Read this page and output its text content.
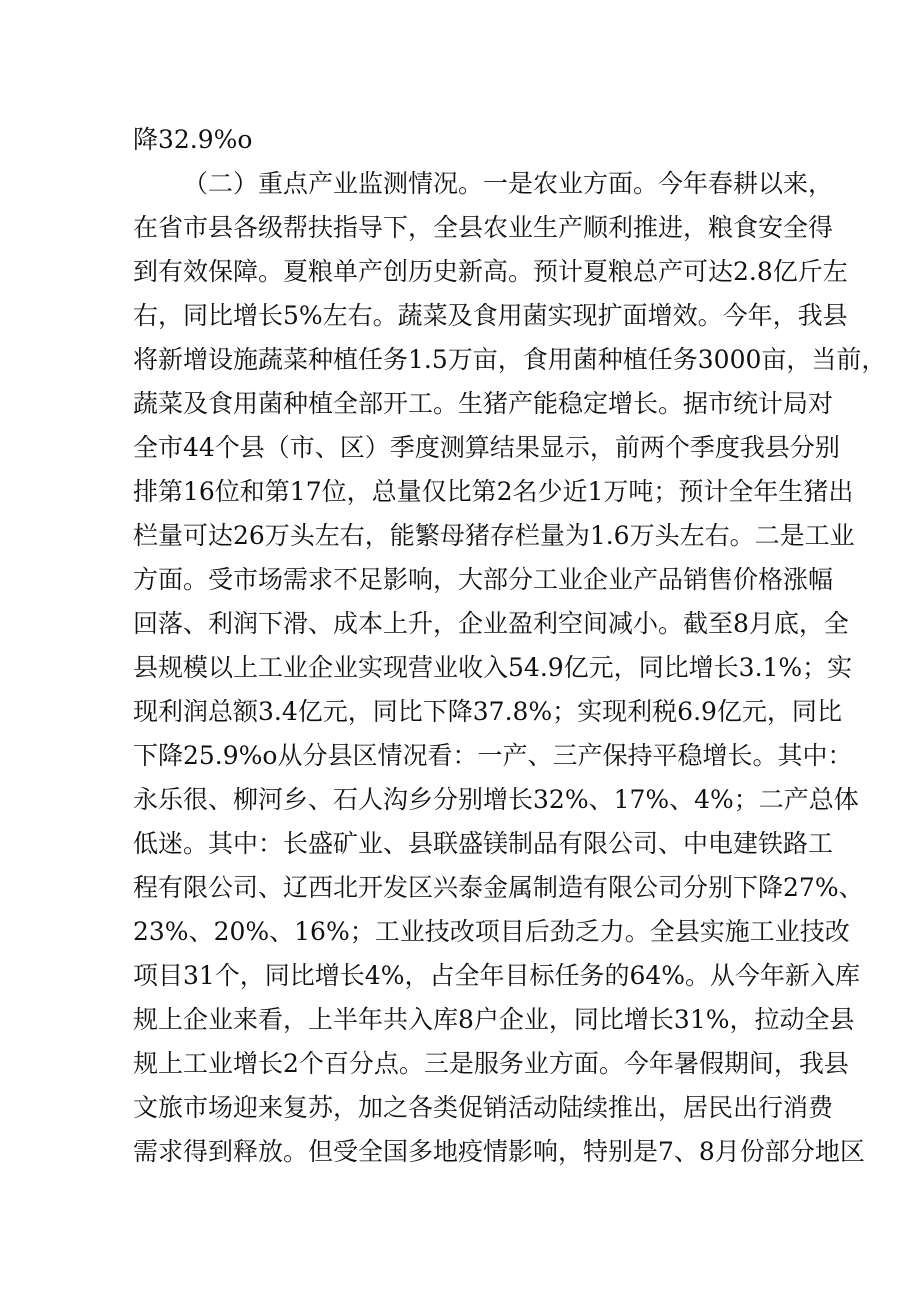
降32.9%o
（二）重点产业监测情况。一是农业方面。今年春耕以来，
在省市县各级帮扶指导下，全县农业生产顺利推进，粮食安全得
到有效保障。夏粮单产创历史新高。预计夏粮总产可达2.8亿斤左
右，同比增长5%左右。蔬菜及食用菌实现扩面增效。今年，我县
将新增设施蔬菜种植任务1.5万亩，食用菌种植任务3000亩，当前，
蔬菜及食用菌种植全部开工。生猪产能稳定增长。据市统计局对
全市44个县（市、区）季度测算结果显示，前两个季度我县分别
排第16位和第17位，总量仅比第2名少近1万吨；预计全年生猪出
栏量可达26万头左右，能繁母猪存栏量为1.6万头左右。二是工业
方面。受市场需求不足影响，大部分工业企业产品销售价格涨幅
回落、利润下滑、成本上升，企业盈利空间减小。截至8月底，全
县规模以上工业企业实现营业收入54.9亿元，同比增长3.1%；实
现利润总额3.4亿元，同比下降37.8%；实现利税6.9亿元，同比
下降25.9%o从分县区情况看：一产、三产保持平稳增长。其中：
永乐很、柳河乡、石人沟乡分别增长32%、17%、4%；二产总体
低迷。其中：长盛矿业、县联盛镁制品有限公司、中电建铁路工
程有限公司、辽西北开发区兴泰金属制造有限公司分别下降27%、
23%、20%、16%；工业技改项目后劲乏力。全县实施工业技改
项目31个，同比增长4%，占全年目标任务的64%。从今年新入库
规上企业来看，上半年共入库8户企业，同比增长31%，拉动全县
规上工业增长2个百分点。三是服务业方面。今年暑假期间，我县
文旅市场迎来复苏，加之各类促销活动陆续推出，居民出行消费
需求得到释放。但受全国多地疫情影响，特别是7、8月份部分地区
